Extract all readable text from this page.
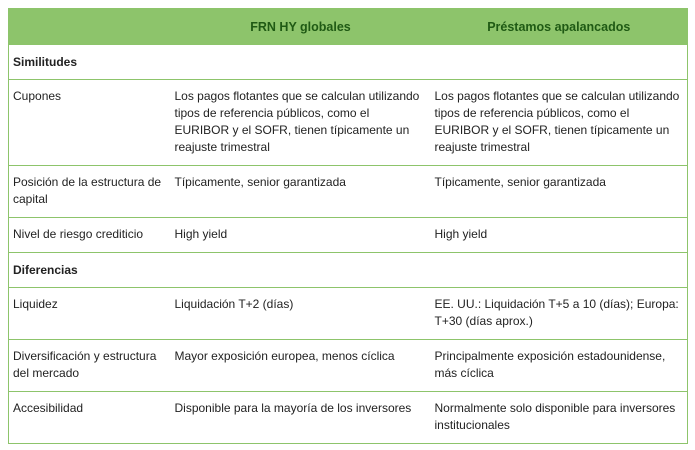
	FRN HY globales	Préstamos apalancados
Similitudes		
Cupones	Los pagos flotantes que se calculan utilizando tipos de referencia públicos, como el EURIBOR y el SOFR, tienen típicamente un reajuste trimestral	Los pagos flotantes que se calculan utilizando tipos de referencia públicos, como el EURIBOR y el SOFR, tienen típicamente un reajuste trimestral
Posición de la estructura de capital	Típicamente, senior garantizada	Típicamente, senior garantizada
Nivel de riesgo crediticio	High yield	High yield
Diferencias		
Liquidez	Liquidación T+2 (días)	EE. UU.: Liquidación T+5 a 10 (días); Europa: T+30 (días aprox.)
Diversificación y estructura del mercado	Mayor exposición europea, menos cíclica	Principalmente exposición estadounidense, más cíclica
Accesibilidad	Disponible para la mayoría de los inversores	Normalmente solo disponible para inversores institucionales
